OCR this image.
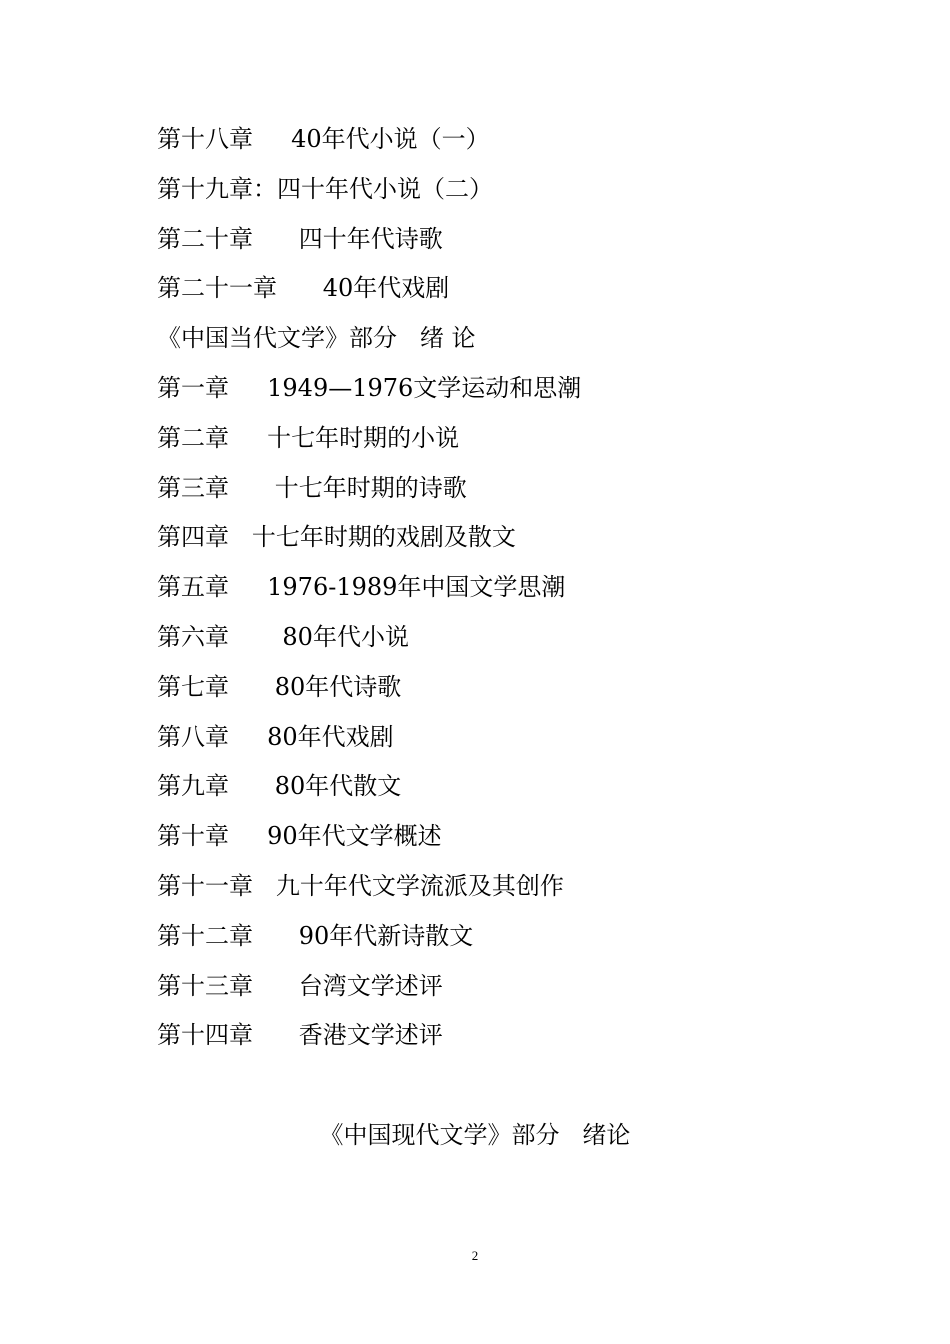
第十八章     40年代小说（一）
第十九章：四十年代小说（二）
第二十章      四十年代诗歌
第二十一章      40年代戏剧
《中国当代文学》部分   绪 论
第一章     1949—1976文学运动和思潮
第二章     十七年时期的小说
第三章      十七年时期的诗歌
第四章   十七年时期的戏剧及散文
第五章     1976-1989年中国文学思潮
第六章       80年代小说
第七章      80年代诗歌
第八章     80年代戏剧
第九章      80年代散文
第十章     90年代文学概述
第十一章   九十年代文学流派及其创作
第十二章      90年代新诗散文
第十三章      台湾文学述评
第十四章      香港文学述评
《中国现代文学》部分   绪论
2
